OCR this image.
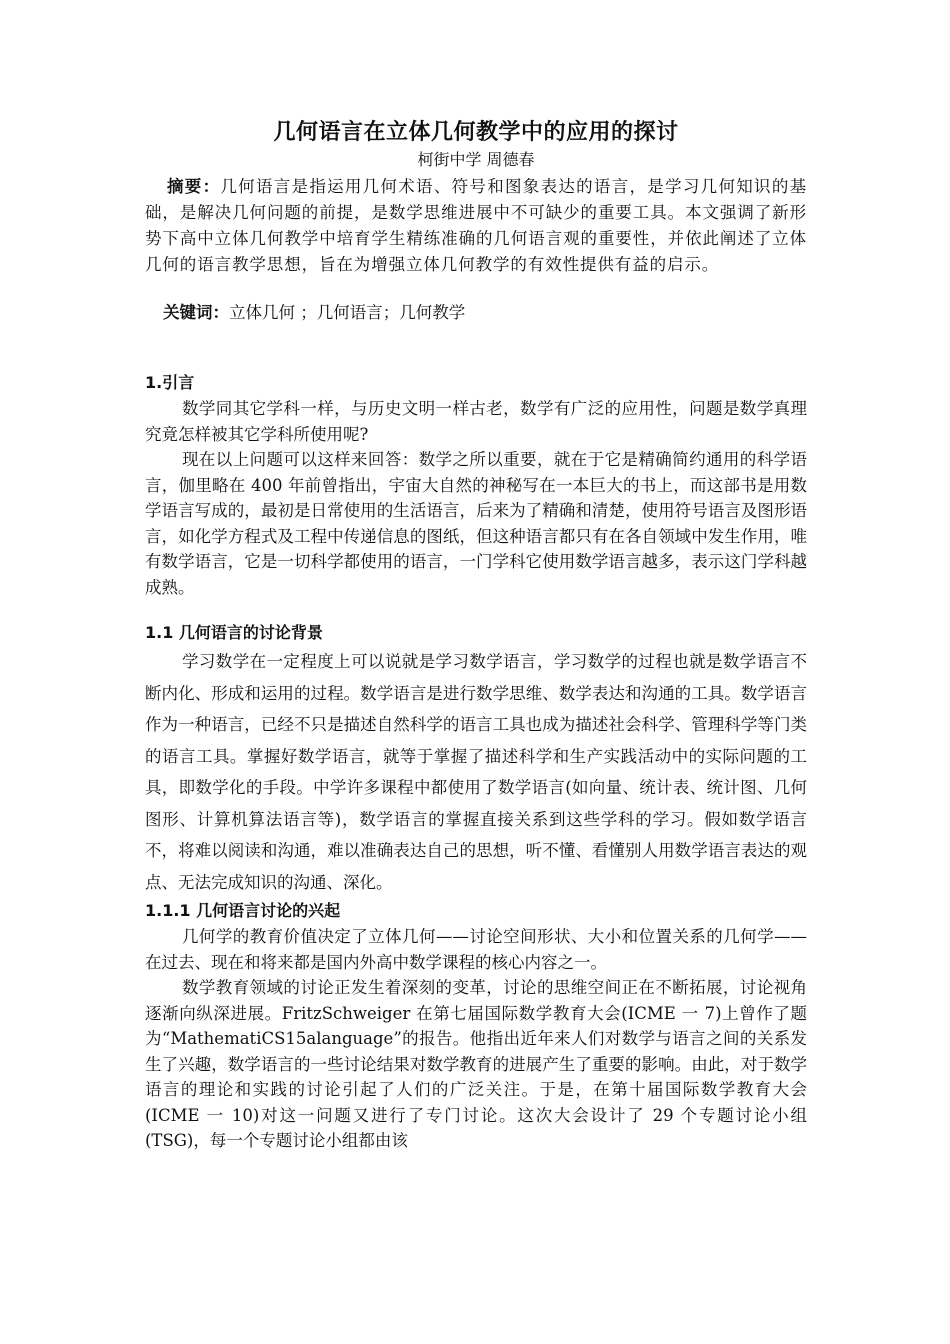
几何语言在立体几何教学中的应用的探讨

柯街中学 周德春

摘要：几何语言是指运用几何术语、符号和图象表达的语言，是学习几何知识的基础，是解决几何问题的前提，是数学思维进展中不可缺少的重要工具。本文强调了新形势下高中立体几何教学中培育学生精练准确的几何语言观的重要性，并依此阐述了立体几何的语言教学思想，旨在为增强立体几何教学的有效性提供有益的启示。

关键词：立体几何 ；几何语言；几何教学

1.引言

数学同其它学科一样，与历史文明一样古老，数学有广泛的应用性，问题是数学真理究竟怎样被其它学科所使用呢?

现在以上问题可以这样来回答：数学之所以重要，就在于它是精确简约通用的科学语言，伽里略在 400 年前曾指出，宇宙大自然的神秘写在一本巨大的书上，而这部书是用数学语言写成的，最初是日常使用的生活语言，后来为了精确和清楚，使用符号语言及图形语言，如化学方程式及工程中传递信息的图纸，但这种语言都只有在各自领域中发生作用，唯有数学语言，它是一切科学都使用的语言，一门学科它使用数学语言越多，表示这门学科越成熟。

1.1 几何语言的讨论背景

学习数学在一定程度上可以说就是学习数学语言，学习数学的过程也就是数学语言不断内化、形成和运用的过程。数学语言是进行数学思维、数学表达和沟通的工具。数学语言作为一种语言，已经不只是描述自然科学的语言工具也成为描述社会科学、管理科学等门类的语言工具。掌握好数学语言，就等于掌握了描述科学和生产实践活动中的实际问题的工具，即数学化的手段。中学许多课程中都使用了数学语言(如向量、统计表、统计图、几何图形、计算机算法语言等)，数学语言的掌握直接关系到这些学科的学习。假如数学语言不，将难以阅读和沟通，难以准确表达自己的思想，听不懂、看懂别人用数学语言表达的观点、无法完成知识的沟通、深化。

1.1.1 几何语言讨论的兴起

几何学的教育价值决定了立体几何——讨论空间形状、大小和位置关系的几何学——在过去、现在和将来都是国内外高中数学课程的核心内容之一。

数学教育领域的讨论正发生着深刻的变革，讨论的思维空间正在不断拓展，讨论视角逐渐向纵深进展。FritzSchweiger 在第七届国际数学教育大会(ICME 一 7)上曾作了题为“MathematiCS15alanguage”的报告。他指出近年来人们对数学与语言之间的关系发生了兴趣，数学语言的一些讨论结果对数学教育的进展产生了重要的影响。由此，对于数学语言的理论和实践的讨论引起了人们的广泛关注。于是，在第十届国际数学教育大会(ICME 一 10)对这一问题又进行了专门讨论。这次大会设计了 29 个专题讨论小组(TSG)，每一个专题讨论小组都由该
